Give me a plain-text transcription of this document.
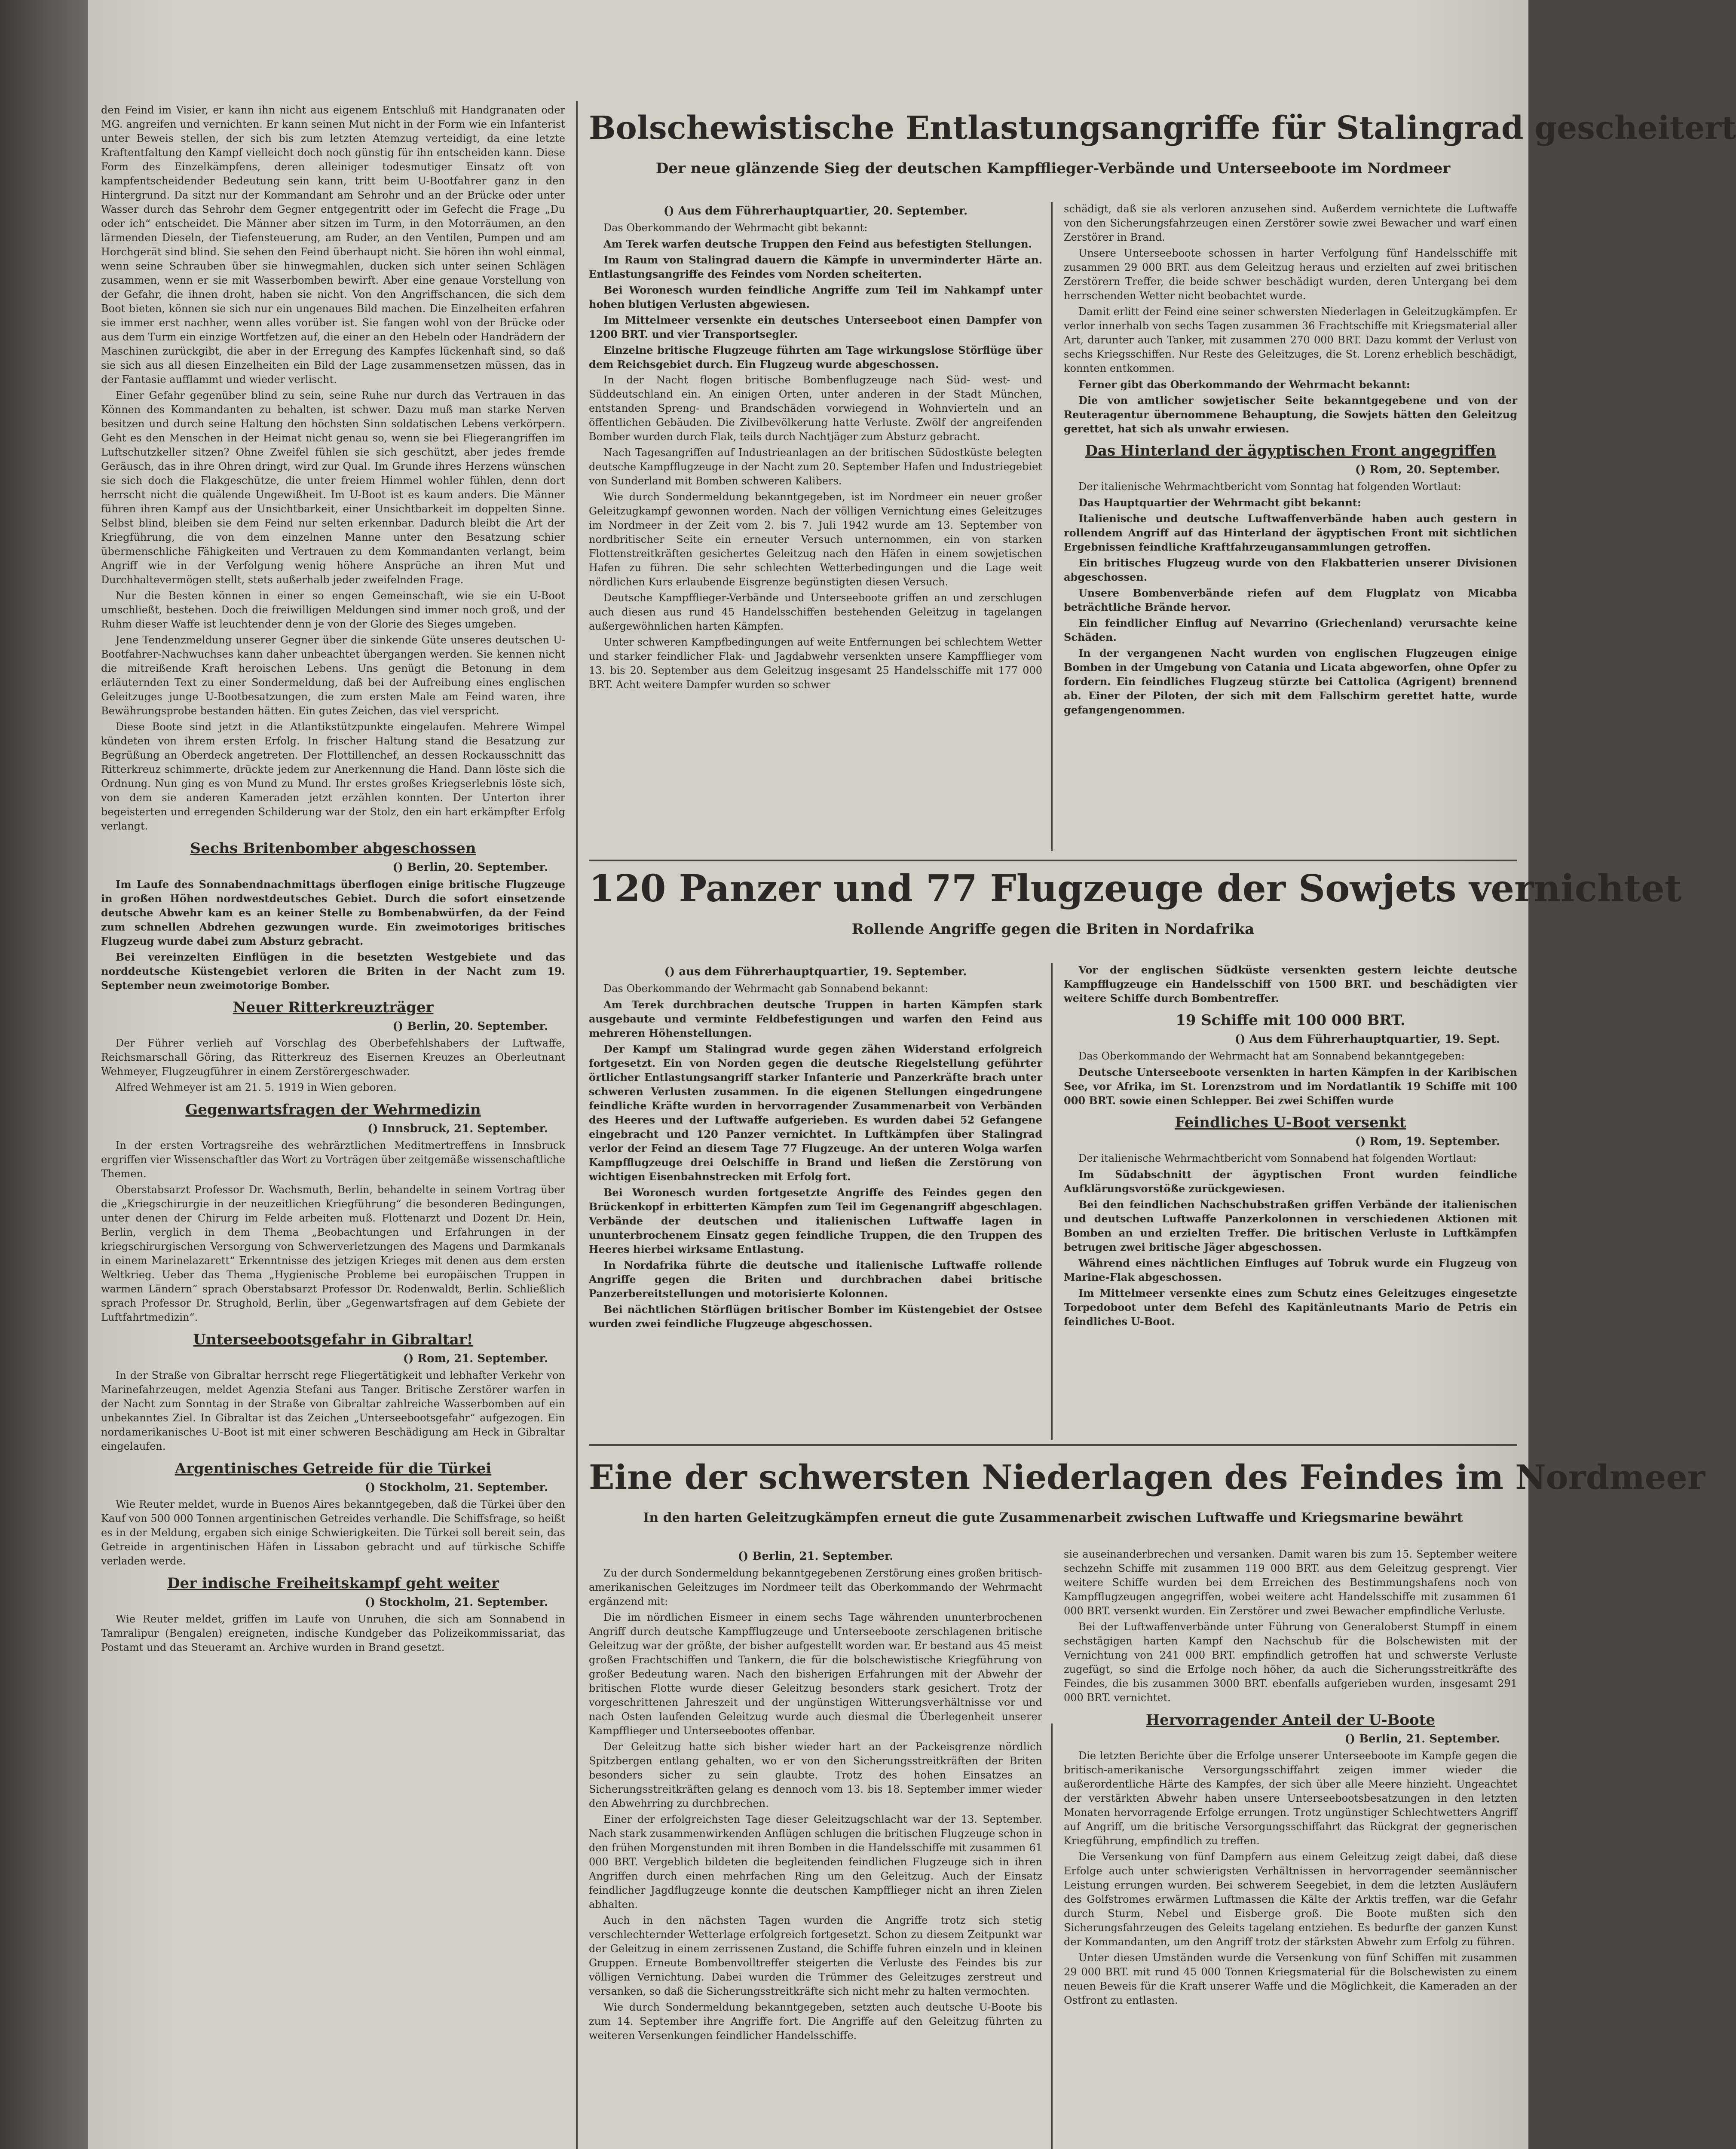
Bolschewistische Entlastungsangriffe für Stalingrad gescheitert
Der neue glänzende Sieg der deutschen Kampfflieger-Verbände und Unterseeboote im Nordmeer
120 Panzer und 77 Flugzeuge der Sowjets vernichtet
Rollende Angriffe gegen die Briten in Nordafrika
Eine der schwersten Niederlagen des Feindes im Nordmeer
In den harten Geleitzugkämpfen erneut die gute Zusammenarbeit zwischen Luftwaffe und Kriegsmarine bewährt

den Feind im Visier, er kann ihn nicht aus eigenem Entschluß mit Handgranaten oder MG. angreifen und vernichten. Er kann seinen Mut nicht in der Form wie ein Infanterist unter Beweis stellen, der sich bis zum letzten Atemzug verteidigt, da eine letzte Kraftentfaltung den Kampf vielleicht doch noch günstig für ihn entscheiden kann. Diese Form des Einzelkämpfens, deren alleiniger todesmutiger Einsatz oft von kampfentscheidender Bedeutung sein kann, tritt beim U-Bootfahrer ganz in den Hintergrund. Da sitzt nur der Kommandant am Sehrohr und an der Brücke oder unter Wasser durch das Sehrohr dem Gegner entgegentritt oder im Gefecht die Frage „Du oder ich“ entscheidet. Die Männer aber sitzen im Turm, in den Motorräumen, an den lärmenden Dieseln, der Tiefensteuerung, am Ruder, an den Ventilen, Pumpen und am Horchgerät sind blind. Sie sehen den Feind überhaupt nicht. Sie hören ihn wohl einmal, wenn seine Schrauben über sie hinwegmahlen, ducken sich unter seinen Schlägen zusammen, wenn er sie mit Wasserbomben bewirft. Aber eine genaue Vorstellung von der Gefahr, die ihnen droht, haben sie nicht. Von den Angriffschancen, die sich dem Boot bieten, können sie sich nur ein ungenaues Bild machen. Die Einzelheiten erfahren sie immer erst nachher, wenn alles vorüber ist. Sie fangen wohl von der Brücke oder aus dem Turm ein einzige Wortfetzen auf, die einer an den Hebeln oder Handrädern der Maschinen zurückgibt, die aber in der Erregung des Kampfes lückenhaft sind, so daß sie sich aus all diesen Einzelheiten ein Bild der Lage zusammensetzen müssen, das in der Fantasie aufflammt und wieder verlischt.

Einer Gefahr gegenüber blind zu sein, seine Ruhe nur durch das Vertrauen in das Können des Kommandanten zu behalten, ist schwer. Dazu muß man starke Nerven besitzen und durch seine Haltung den höchsten Sinn soldatischen Lebens verkörpern. Geht es den Menschen in der Heimat nicht genau so, wenn sie bei Fliegerangriffen im Luftschutzkeller sitzen? Ohne Zweifel fühlen sie sich geschützt, aber jedes fremde Geräusch, das in ihre Ohren dringt, wird zur Qual. Im Grunde ihres Herzens wünschen sie sich doch die Flakgeschütze, die unter freiem Himmel wohler fühlen, denn dort herrscht nicht die quälende Ungewißheit. Im U-Boot ist es kaum anders. Die Männer führen ihren Kampf aus der Unsichtbarkeit, einer Unsichtbarkeit im doppelten Sinne. Selbst blind, bleiben sie dem Feind nur selten erkennbar. Dadurch bleibt die Art der Kriegführung, die von dem einzelnen Manne unter den Besatzung schier übermenschliche Fähigkeiten und Vertrauen zu dem Kommandanten verlangt, beim Angriff wie in der Verfolgung wenig höhere Ansprüche an ihren Mut und Durchhaltevermögen stellt, stets außerhalb jeder zweifelnden Frage.

Nur die Besten können in einer so engen Gemeinschaft, wie sie ein U-Boot umschließt, bestehen. Doch die freiwilligen Meldungen sind immer noch groß, und der Ruhm dieser Waffe ist leuchtender denn je von der Glorie des Sieges umgeben.

Jene Tendenzmeldung unserer Gegner über die sinkende Güte unseres deutschen U-Bootfahrer-Nachwuchses kann daher unbeachtet übergangen werden. Sie kennen nicht die mitreißende Kraft heroischen Lebens. Uns genügt die Betonung in dem erläuternden Text zu einer Sondermeldung, daß bei der Aufreibung eines englischen Geleitzuges junge U-Bootbesatzungen, die zum ersten Male am Feind waren, ihre Bewährungsprobe bestanden hätten. Ein gutes Zeichen, das viel verspricht.

Diese Boote sind jetzt in die Atlantikstützpunkte eingelaufen. Mehrere Wimpel kündeten von ihrem ersten Erfolg. In frischer Haltung stand die Besatzung zur Begrüßung an Oberdeck angetreten. Der Flottillenchef, an dessen Rockausschnitt das Ritterkreuz schimmerte, drückte jedem zur Anerkennung die Hand. Dann löste sich die Ordnung. Nun ging es von Mund zu Mund. Ihr erstes großes Kriegserlebnis löste sich, von dem sie anderen Kameraden jetzt erzählen konnten. Der Unterton ihrer begeisterten und erregenden Schilderung war der Stolz, den ein hart erkämpfter Erfolg verlangt.

Sechs Britenbomber abgeschossen
() Berlin, 20. September.

Im Laufe des Sonnabendnachmittags überflogen einige britische Flugzeuge in großen Höhen nordwestdeutsches Gebiet. Durch die sofort einsetzende deutsche Abwehr kam es an keiner Stelle zu Bombenabwürfen, da der Feind zum schnellen Abdrehen gezwungen wurde. Ein zweimotoriges britisches Flugzeug wurde dabei zum Absturz gebracht.

Bei vereinzelten Einflügen in die besetzten Westgebiete und das norddeutsche Küstengebiet verloren die Briten in der Nacht zum 19. September neun zweimotorige Bomber.

Neuer Ritterkreuzträger
() Berlin, 20. September.

Der Führer verlieh auf Vorschlag des Oberbefehlshabers der Luftwaffe, Reichsmarschall Göring, das Ritterkreuz des Eisernen Kreuzes an Oberleutnant Wehmeyer, Flugzeugführer in einem Zerstörergeschwader.

Alfred Wehmeyer ist am 21. 5. 1919 in Wien geboren.

Gegenwartsfragen der Wehrmedizin
() Innsbruck, 21. September.

In der ersten Vortragsreihe des wehrärztlichen Meditmertreffens in Innsbruck ergriffen vier Wissenschaftler das Wort zu Vorträgen über zeitgemäße wissenschaftliche Themen.

Oberstabsarzt Professor Dr. Wachsmuth, Berlin, behandelte in seinem Vortrag über die „Kriegschirurgie in der neuzeitlichen Kriegführung“ die besonderen Bedingungen, unter denen der Chirurg im Felde arbeiten muß. Flottenarzt und Dozent Dr. Hein, Berlin, verglich in dem Thema „Beobachtungen und Erfahrungen in der kriegschirurgischen Versorgung von Schwerverletzungen des Magens und Darmkanals in einem Marinelazarett“ Erkenntnisse des jetzigen Krieges mit denen aus dem ersten Weltkrieg. Ueber das Thema „Hygienische Probleme bei europäischen Truppen in warmen Ländern“ sprach Oberstabsarzt Professor Dr. Rodenwaldt, Berlin. Schließlich sprach Professor Dr. Strughold, Berlin, über „Gegenwartsfragen auf dem Gebiete der Luftfahrtmedizin“.

Unterseebootsgefahr in Gibraltar!
() Rom, 21. September.

In der Straße von Gibraltar herrscht rege Fliegertätigkeit und lebhafter Verkehr von Marinefahrzeugen, meldet Agenzia Stefani aus Tanger. Britische Zerstörer warfen in der Nacht zum Sonntag in der Straße von Gibraltar zahlreiche Wasserbomben auf ein unbekanntes Ziel. In Gibraltar ist das Zeichen „Unterseebootsgefahr“ aufgezogen. Ein nordamerikanisches U-Boot ist mit einer schweren Beschädigung am Heck in Gibraltar eingelaufen.

Argentinisches Getreide für die Türkei
() Stockholm, 21. September.

Wie Reuter meldet, wurde in Buenos Aires bekanntgegeben, daß die Türkei über den Kauf von 500 000 Tonnen argentinischen Getreides verhandle. Die Schiffsfrage, so heißt es in der Meldung, ergaben sich einige Schwierigkeiten. Die Türkei soll bereit sein, das Getreide in argentinischen Häfen in Lissabon gebracht und auf türkische Schiffe verladen werde.

Der indische Freiheitskampf geht weiter
() Stockholm, 21. September.

Wie Reuter meldet, griffen im Laufe von Unruhen, die sich am Sonnabend in Tamralipur (Bengalen) ereigneten, indische Kundgeber das Polizeikommissariat, das Postamt und das Steueramt an. Archive wurden in Brand gesetzt.

() Aus dem Führerhauptquartier, 20. September.

Das Oberkommando der Wehrmacht gibt bekannt:

Am Terek warfen deutsche Truppen den Feind aus befestigten Stellungen.

Im Raum von Stalingrad dauern die Kämpfe in unverminderter Härte an. Entlastungsangriffe des Feindes vom Norden scheiterten.

Bei Woronesch wurden feindliche Angriffe zum Teil im Nahkampf unter hohen blutigen Verlusten abgewiesen.

Im Mittelmeer versenkte ein deutsches Unterseeboot einen Dampfer von 1200 BRT. und vier Transportsegler.

Einzelne britische Flugzeuge führten am Tage wirkungslose Störflüge über dem Reichsgebiet durch. Ein Flugzeug wurde abgeschossen.

In der Nacht flogen britische Bombenflugzeuge nach Süd- west- und Süddeutschland ein. An einigen Orten, unter anderen in der Stadt München, entstanden Spreng- und Brandschäden vorwiegend in Wohnvierteln und an öffentlichen Gebäuden. Die Zivilbevölkerung hatte Verluste. Zwölf der angreifenden Bomber wurden durch Flak, teils durch Nachtjäger zum Absturz gebracht.

Nach Tagesangriffen auf Industrieanlagen an der britischen Südostküste belegten deutsche Kampfflugzeuge in der Nacht zum 20. September Hafen und Industriegebiet von Sunderland mit Bomben schweren Kalibers.

Wie durch Sondermeldung bekanntgegeben, ist im Nordmeer ein neuer großer Geleitzugkampf gewonnen worden. Nach der völligen Vernichtung eines Geleitzuges im Nordmeer in der Zeit vom 2. bis 7. Juli 1942 wurde am 13. September von nordbritischer Seite ein erneuter Versuch unternommen, ein von starken Flottenstreitkräften gesichertes Geleitzug nach den Häfen in einem sowjetischen Hafen zu führen. Die sehr schlechten Wetterbedingungen und die Lage weit nördlichen Kurs erlaubende Eisgrenze begünstigten diesen Versuch.

Deutsche Kampfflieger-Verbände und Unterseeboote griffen an und zerschlugen auch diesen aus rund 45 Handelsschiffen bestehenden Geleitzug in tagelangen außergewöhnlichen harten Kämpfen.

Unter schweren Kampfbedingungen auf weite Entfernungen bei schlechtem Wetter und starker feindlicher Flak- und Jagdabwehr versenkten unsere Kampfflieger vom 13. bis 20. September aus dem Geleitzug insgesamt 25 Handelsschiffe mit 177 000 BRT. Acht weitere Dampfer wurden so schwer

schädigt, daß sie als verloren anzusehen sind. Außerdem vernichtete die Luftwaffe von den Sicherungsfahrzeugen einen Zerstörer sowie zwei Bewacher und warf einen Zerstörer in Brand.

Unsere Unterseeboote schossen in harter Verfolgung fünf Handelsschiffe mit zusammen 29 000 BRT. aus dem Geleitzug heraus und erzielten auf zwei britischen Zerstörern Treffer, die beide schwer beschädigt wurden, deren Untergang bei dem herrschenden Wetter nicht beobachtet wurde.

Damit erlitt der Feind eine seiner schwersten Niederlagen in Geleitzugkämpfen. Er verlor innerhalb von sechs Tagen zusammen 36 Frachtschiffe mit Kriegsmaterial aller Art, darunter auch Tanker, mit zusammen 270 000 BRT. Dazu kommt der Verlust von sechs Kriegsschiffen. Nur Reste des Geleitzuges, die St. Lorenz erheblich beschädigt, konnten entkommen.

Ferner gibt das Oberkommando der Wehrmacht bekannt:

Die von amtlicher sowjetischer Seite bekanntgegebene und von der Reuteragentur übernommene Behauptung, die Sowjets hätten den Geleitzug gerettet, hat sich als unwahr erwiesen.

Das Hinterland der ägyptischen Front angegriffen
() Rom, 20. September.

Der italienische Wehrmachtbericht vom Sonntag hat folgenden Wortlaut:

Das Hauptquartier der Wehrmacht gibt bekannt:

Italienische und deutsche Luftwaffenverbände haben auch gestern in rollendem Angriff auf das Hinterland der ägyptischen Front mit sichtlichen Ergebnissen feindliche Kraftfahrzeugansammlungen getroffen.

Ein britisches Flugzeug wurde von den Flakbatterien unserer Divisionen abgeschossen.

Unsere Bombenverbände riefen auf dem Flugplatz von Micabba beträchtliche Brände hervor.

Ein feindlicher Einflug auf Nevarrino (Griechenland) verursachte keine Schäden.

In der vergangenen Nacht wurden von englischen Flugzeugen einige Bomben in der Umgebung von Catania und Licata abgeworfen, ohne Opfer zu fordern. Ein feindliches Flugzeug stürzte bei Cattolica (Agrigent) brennend ab. Einer der Piloten, der sich mit dem Fallschirm gerettet hatte, wurde gefangengenommen.

() aus dem Führerhauptquartier, 19. September.

Das Oberkommando der Wehrmacht gab Sonnabend bekannt:

Am Terek durchbrachen deutsche Truppen in harten Kämpfen stark ausgebaute und verminte Feldbefestigungen und warfen den Feind aus mehreren Höhenstellungen.

Der Kampf um Stalingrad wurde gegen zähen Widerstand erfolgreich fortgesetzt. Ein von Norden gegen die deutsche Riegelstellung geführter örtlicher Entlastungsangriff starker Infanterie und Panzerkräfte brach unter schweren Verlusten zusammen. In die eigenen Stellungen eingedrungene feindliche Kräfte wurden in hervorragender Zusammenarbeit von Verbänden des Heeres und der Luftwaffe aufgerieben. Es wurden dabei 52 Gefangene eingebracht und 120 Panzer vernichtet. In Luftkämpfen über Stalingrad verlor der Feind an diesem Tage 77 Flugzeuge. An der unteren Wolga warfen Kampfflugzeuge drei Oelschiffe in Brand und ließen die Zerstörung von wichtigen Eisenbahnstrecken mit Erfolg fort.

Bei Woronesch wurden fortgesetzte Angriffe des Feindes gegen den Brückenkopf in erbitterten Kämpfen zum Teil im Gegenangriff abgeschlagen. Verbände der deutschen und italienischen Luftwaffe lagen in ununterbrochenem Einsatz gegen feindliche Truppen, die den Truppen des Heeres hierbei wirksame Entlastung.

In Nordafrika führte die deutsche und italienische Luftwaffe rollende Angriffe gegen die Briten und durchbrachen dabei britische Panzerbereitstellungen und motorisierte Kolonnen.

Bei nächtlichen Störflügen britischer Bomber im Küstengebiet der Ostsee wurden zwei feindliche Flugzeuge abgeschossen.

Vor der englischen Südküste versenkten gestern leichte deutsche Kampfflugzeuge ein Handelsschiff von 1500 BRT. und beschädigten vier weitere Schiffe durch Bombentreffer.

19 Schiffe mit 100 000 BRT.
() Aus dem Führerhauptquartier, 19. Sept.

Das Oberkommando der Wehrmacht hat am Sonnabend bekanntgegeben:

Deutsche Unterseeboote versenkten in harten Kämpfen in der Karibischen See, vor Afrika, im St. Lorenzstrom und im Nordatlantik 19 Schiffe mit 100 000 BRT. sowie einen Schlepper. Bei zwei Schiffen wurde

Feindliches U-Boot versenkt
() Rom, 19. September.

Der italienische Wehrmachtbericht vom Sonnabend hat folgenden Wortlaut:

Im Südabschnitt der ägyptischen Front wurden feindliche Aufklärungsvorstöße zurückgewiesen.

Bei den feindlichen Nachschubstraßen griffen Verbände der italienischen und deutschen Luftwaffe Panzerkolonnen in verschiedenen Aktionen mit Bomben an und erzielten Treffer. Die britischen Verluste in Luftkämpfen betrugen zwei britische Jäger abgeschossen.

Während eines nächtlichen Einfluges auf Tobruk wurde ein Flugzeug von Marine-Flak abgeschossen.

Im Mittelmeer versenkte eines zum Schutz eines Geleitzuges eingesetzte Torpedoboot unter dem Befehl des Kapitänleutnants Mario de Petris ein feindliches U-Boot.

() Berlin, 21. September.

Zu der durch Sondermeldung bekanntgegebenen Zerstörung eines großen britisch-amerikanischen Geleitzuges im Nordmeer teilt das Oberkommando der Wehrmacht ergänzend mit:

Die im nördlichen Eismeer in einem sechs Tage währenden ununterbrochenen Angriff durch deutsche Kampfflugzeuge und Unterseeboote zerschlagenen britische Geleitzug war der größte, der bisher aufgestellt worden war. Er bestand aus 45 meist großen Frachtschiffen und Tankern, die für die bolschewistische Kriegführung von großer Bedeutung waren. Nach den bisherigen Erfahrungen mit der Abwehr der britischen Flotte wurde dieser Geleitzug besonders stark gesichert. Trotz der vorgeschrittenen Jahreszeit und der ungünstigen Witterungsverhältnisse vor und nach Osten laufenden Geleitzug wurde auch diesmal die Überlegenheit unserer Kampfflieger und Unterseebootes offenbar.

Der Geleitzug hatte sich bisher wieder hart an der Packeisgrenze nördlich Spitzbergen entlang gehalten, wo er von den Sicherungsstreitkräften der Briten besonders sicher zu sein glaubte. Trotz des hohen Einsatzes an Sicherungsstreitkräften gelang es dennoch vom 13. bis 18. September immer wieder den Abwehrring zu durchbrechen.

Einer der erfolgreichsten Tage dieser Geleitzugschlacht war der 13. September. Nach stark zusammenwirkenden Anflügen schlugen die britischen Flugzeuge schon in den frühen Morgenstunden mit ihren Bomben in die Handelsschiffe mit zusammen 61 000 BRT. Vergeblich bildeten die begleitenden feindlichen Flugzeuge sich in ihren Angriffen durch einen mehrfachen Ring um den Geleitzug. Auch der Einsatz feindlicher Jagdflugzeuge konnte die deutschen Kampfflieger nicht an ihren Zielen abhalten.

Auch in den nächsten Tagen wurden die Angriffe trotz sich stetig verschlechternder Wetterlage erfolgreich fortgesetzt. Schon zu diesem Zeitpunkt war der Geleitzug in einem zerrissenen Zustand, die Schiffe fuhren einzeln und in kleinen Gruppen. Erneute Bombenvolltreffer steigerten die Verluste des Feindes bis zur völligen Vernichtung. Dabei wurden die Trümmer des Geleitzuges zerstreut und versanken, so daß die Sicherungsstreitkräfte sich nicht mehr zu halten vermochten.

Wie durch Sondermeldung bekanntgegeben, setzten auch deutsche U-Boote bis zum 14. September ihre Angriffe fort. Die Angriffe auf den Geleitzug führten zu weiteren Versenkungen feindlicher Handelsschiffe.

sie auseinanderbrechen und versanken. Damit waren bis zum 15. September weitere sechzehn Schiffe mit zusammen 119 000 BRT. aus dem Geleitzug gesprengt. Vier weitere Schiffe wurden bei dem Erreichen des Bestimmungshafens noch von Kampfflugzeugen angegriffen, wobei weitere acht Handelsschiffe mit zusammen 61 000 BRT. versenkt wurden. Ein Zerstörer und zwei Bewacher empfindliche Verluste.

Bei der Luftwaffenverbände unter Führung von Generaloberst Stumpff in einem sechstägigen harten Kampf den Nachschub für die Bolschewisten mit der Vernichtung von 241 000 BRT. empfindlich getroffen hat und schwerste Verluste zugefügt, so sind die Erfolge noch höher, da auch die Sicherungsstreitkräfte des Feindes, die bis zusammen 3000 BRT. ebenfalls aufgerieben wurden, insgesamt 291 000 BRT. vernichtet.

Hervorragender Anteil der U-Boote
() Berlin, 21. September.

Die letzten Berichte über die Erfolge unserer Unterseeboote im Kampfe gegen die britisch-amerikanische Versorgungsschiffahrt zeigen immer wieder die außerordentliche Härte des Kampfes, der sich über alle Meere hinzieht. Ungeachtet der verstärkten Abwehr haben unsere Unterseebootsbesatzungen in den letzten Monaten hervorragende Erfolge errungen. Trotz ungünstiger Schlechtwetters Angriff auf Angriff, um die britische Versorgungsschiffahrt das Rückgrat der gegnerischen Kriegführung, empfindlich zu treffen.

Die Versenkung von fünf Dampfern aus einem Geleitzug zeigt dabei, daß diese Erfolge auch unter schwierigsten Verhältnissen in hervorragender seemännischer Leistung errungen wurden. Bei schwerem Seegebiet, in dem die letzten Ausläufern des Golfstromes erwärmen Luftmassen die Kälte der Arktis treffen, war die Gefahr durch Sturm, Nebel und Eisberge groß. Die Boote mußten sich den Sicherungsfahrzeugen des Geleits tagelang entziehen. Es bedurfte der ganzen Kunst der Kommandanten, um den Angriff trotz der stärksten Abwehr zum Erfolg zu führen.

Unter diesen Umständen wurde die Versenkung von fünf Schiffen mit zusammen 29 000 BRT. mit rund 45 000 Tonnen Kriegsmaterial für die Bolschewisten zu einem neuen Beweis für die Kraft unserer Waffe und die Möglichkeit, die Kameraden an der Ostfront zu entlasten.
